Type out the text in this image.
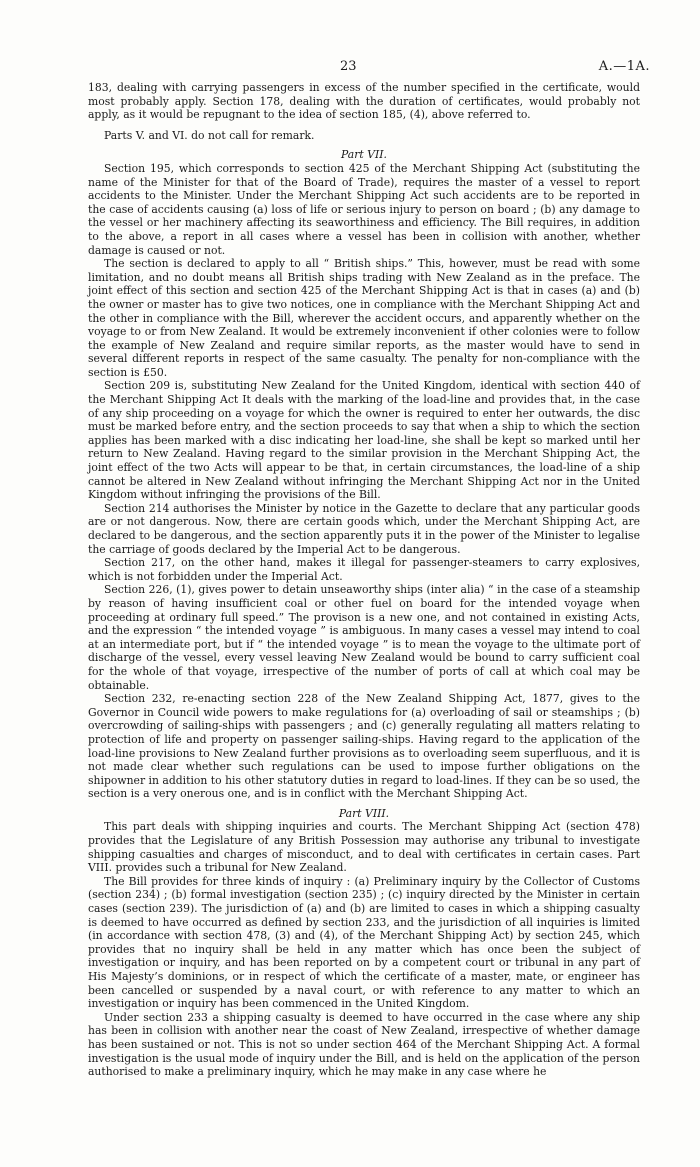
23	A.—1A.

183, dealing with carrying passengers in excess of the number specified in the certificate, would most probably apply. Section 178, dealing with the duration of certificates, would probably not apply, as it would be repugnant to the idea of section 185, (4), above referred to.

Parts V. and VI. do not call for remark.

Part VII.

Section 195, which corresponds to section 425 of the Merchant Shipping Act (substituting the name of the Minister for that of the Board of Trade), requires the master of a vessel to report accidents to the Minister. Under the Merchant Shipping Act such accidents are to be reported in the case of accidents causing (a) loss of life or serious injury to person on board ; (b) any damage to the vessel or her machinery affecting its seaworthiness and efficiency. The Bill requires, in addition to the above, a report in all cases where a vessel has been in collision with another, whether damage is caused or not.

The section is declared to apply to all “ British ships.” This, however, must be read with some limitation, and no doubt means all British ships trading with New Zealand as in the preface. The joint effect of this section and section 425 of the Merchant Shipping Act is that in cases (a) and (b) the owner or master has to give two notices, one in compliance with the Merchant Shipping Act and the other in compliance with the Bill, wherever the accident occurs, and apparently whether on the voyage to or from New Zealand. It would be extremely inconvenient if other colonies were to follow the example of New Zealand and require similar reports, as the master would have to send in several different reports in respect of the same casualty. The penalty for non-compliance with the section is £50.

Section 209 is, substituting New Zealand for the United Kingdom, identical with section 440 of the Merchant Shipping Act It deals with the marking of the load-line and provides that, in the case of any ship proceeding on a voyage for which the owner is required to enter her outwards, the disc must be marked before entry, and the section proceeds to say that when a ship to which the section applies has been marked with a disc indicating her load-line, she shall be kept so marked until her return to New Zealand. Having regard to the similar provision in the Merchant Shipping Act, the joint effect of the two Acts will appear to be that, in certain circumstances, the load-line of a ship cannot be altered in New Zealand without infringing the Merchant Shipping Act nor in the United Kingdom without infringing the provisions of the Bill.

Section 214 authorises the Minister by notice in the Gazette to declare that any particular goods are or not dangerous. Now, there are certain goods which, under the Merchant Shipping Act, are declared to be dangerous, and the section apparently puts it in the power of the Minister to legalise the carriage of goods declared by the Imperial Act to be dangerous.

Section 217, on the other hand, makes it illegal for passenger-steamers to carry explosives, which is not forbidden under the Imperial Act.

Section 226, (1), gives power to detain unseaworthy ships (inter alia) “ in the case of a steamship by reason of having insufficient coal or other fuel on board for the intended voyage when proceeding at ordinary full speed.” The provison is a new one, and not contained in existing Acts, and the expression “ the intended voyage ” is ambiguous. In many cases a vessel may intend to coal at an intermediate port, but if “ the intended voyage ” is to mean the voyage to the ultimate port of discharge of the vessel, every vessel leaving New Zealand would be bound to carry sufficient coal for the whole of that voyage, irrespective of the number of ports of call at which coal may be obtainable.

Section 232, re-enacting section 228 of the New Zealand Shipping Act, 1877, gives to the Governor in Council wide powers to make regulations for (a) overloading of sail or steamships ; (b) overcrowding of sailing-ships with passengers ; and (c) generally regulating all matters relating to protection of life and property on passenger sailing-ships. Having regard to the application of the load-line provisions to New Zealand further provisions as to overloading seem superfluous, and it is not made clear whether such regulations can be used to impose further obligations on the shipowner in addition to his other statutory duties in regard to load-lines. If they can be so used, the section is a very onerous one, and is in conflict with the Merchant Shipping Act.

Part VIII.

This part deals with shipping inquiries and courts. The Merchant Shipping Act (section 478) provides that the Legislature of any British Possession may authorise any tribunal to investigate shipping casualties and charges of misconduct, and to deal with certificates in certain cases. Part VIII. provides such a tribunal for New Zealand.

The Bill provides for three kinds of inquiry : (a) Preliminary inquiry by the Collector of Customs (section 234) ; (b) formal investigation (section 235) ; (c) inquiry directed by the Minister in certain cases (section 239). The jurisdiction of (a) and (b) are limited to cases in which a shipping casualty is deemed to have occurred as defined by section 233, and the jurisdiction of all inquiries is limited (in accordance with section 478, (3) and (4), of the Merchant Shipping Act) by section 245, which provides that no inquiry shall be held in any matter which has once been the subject of investigation or inquiry, and has been reported on by a competent court or tribunal in any part of His Majesty’s dominions, or in respect of which the certificate of a master, mate, or engineer has been cancelled or suspended by a naval court, or with reference to any matter to which an investigation or inquiry has been commenced in the United Kingdom.

Under section 233 a shipping casualty is deemed to have occurred in the case where any ship has been in collision with another near the coast of New Zealand, irrespective of whether damage has been sustained or not. This is not so under section 464 of the Merchant Shipping Act. A formal investigation is the usual mode of inquiry under the Bill, and is held on the application of the person authorised to make a preliminary inquiry, which he may make in any case where he
